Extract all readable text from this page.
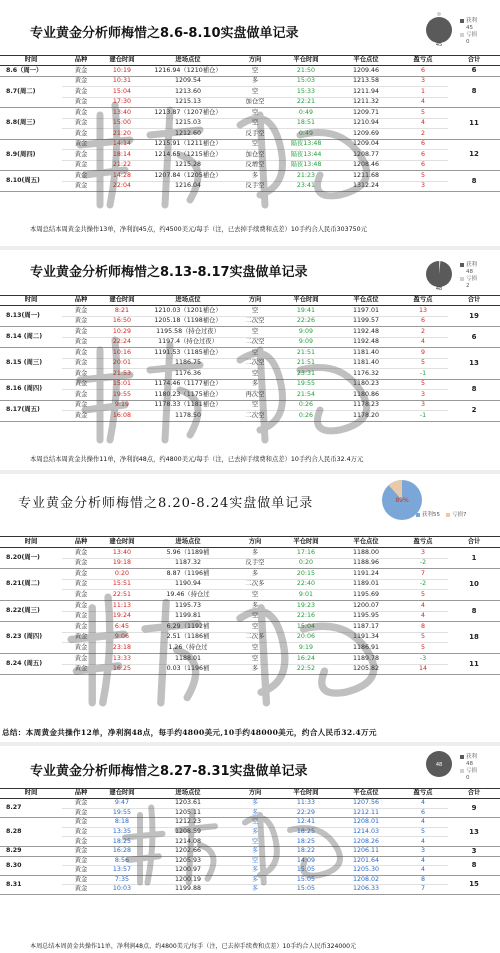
专业黄金分析师梅惜之8.6-8.10实盘做单记录
45
获利
45
亏损
0
时间	品种	建仓时间	进场点位	方向	平仓时间	平仓点位	盈亏点	合计
8.6（周一）	黄金	10:19	1216.94（1210補仓）	空	21:50	1209.46	6	6
8.7(周二)	黄金	10:31	1209.54	多	15:03	1213.58	3	8
	黄金	15:04	1213.60	空	15:33	1211.94	1	
	黄金	17:30	1215.13	加仓空	22:21	1211.32	4	
8.8(周三)	黄金	13:40	1213.87（1207補仓）	空	0:49	1209.71	5	11
	黄金	15:00	1215.03	空	18:51	1210.94	4	
	黄金	21:20	1212.60	反手空	0:49	1209.69	2	
8.9(周四)	黄金	14:14	1215.91（1211補仓）	空	隔夜13:48	1209.04	6	12
	黄金	18:14	1214.65（1215補仓）	加仓空	隔夜13:44	1208.77	6	
	黄金	21:22	1215.28	反增空	隔夜13:48	1208.46	6	
8.10(周五)	黄金	14:28	1207.84（1205補仓）	多	21:23	1211.68	5	8
	黄金	22:04	1216.04	反手空	23:41	1312.24	3	
本周总结本周黄金共操作13单，净利润45点，约4500美元/每手（注，已去掉手续费和点差）10手约合人民币303750元
专业黄金分析师梅惜之8.13-8.17实盘做单记录
48
获利
48
亏损
2
时间	品种	建仓时间	进场点位	方向	平仓时间	平仓点位	盈亏点	合计
8.13(周一)	黄金	8:21	1210.03（1201補仓）	空	19:41	1197.01	13	19
	黄金	16:50	1205.18（1198補仓）	二次空	22:26	1199.57	6	
8.14 (周二)	黄金	10:29	1195.58（持仓过夜）	空	9:09	1192.48	2	6
	黄金	22:24	1197.4（持仓过夜）	二次空	9:09	1192.48	4	
8.15 (周三)	黄金	10:16	1191.53（1185補仓）	空	21:51	1181.40	9	13
	黄金	20:01	1186.75	二次空	21:51	1181.40	5	
	黄金	21:53	1176.36	空	23:31	1176.32	-1	
8.16 (周四)	黄金	15:01	1174.46（1177補仓）	多	19:55	1180.23	5	8
	黄金	19:55	1180.23（1175補仓）	再次空	21:54	1180.86	3	
8.17(周五)	黄金	9:19	1178.33（1181補仓）	空	0:26	1178.23	3	2
	黄金	16:08	1178.50	二次空	0:26	1178.20	-1	
本周总结本周黄金共操作11单，净利润48点，约4800美元/每手（注，已去掉手续费和点差）10手约合人民币32.4万元
专业黄金分析师梅惜之8.20-8.24实盘做单记录	89%
获利55 亏损7
时间	品种	建仓时间	进场点位	方向	平仓时间	平仓点位	盈亏点	合计
8.20(周一)	黄金	13:40	5.96（1189補	多	17:16	1188.00	3	1
	黄金	19:18	1187.32	反手空	0:20	1188.96	-2	
8.21(周二)	黄金	0:20	8.87（1196補	多	20:15	1191.24	7	10
	黄金	15:51	1190.94	二次多	22:40	1189.01	-2	
	黄金	22:51	19.46（持仓过	空	9:01	1195.69	5	
8.22(周三)	黄金	11:13	1195.73	多	19:23	1200.07	4	8
	黄金	19:24	1199.81	空	22:16	1195.95	4	
8.23 (周四)	黄金	6:45	6.29（1192補	空	15:04	1187.17	8	18
	黄金	9:06	2.51（1186補	二次多	20:06	1191.34	5	
	黄金	23:18	1.26（持仓过	空	9:19	1186.91	5	
8.24 (周五)	黄金	13:33	1188.01	空	16:24	1189.78	-3	11
	黄金	16:25	0.03（1196補	多	22:52	1205.82	14	
总结：本周黄金共操作12单，净利润48点，每手约4800美元,10手约48000美元，约合人民币32.4万元
专业黄金分析师梅惜之8.27-8.31实盘做单记录	48
获利
48
亏损
0
时间	品种	建仓时间	进场点位	方向	平仓时间	平仓点位	盈亏点	合计
8.27	黄金	9:47	1203.61	多	11:33	1207.56	4	9
	黄金	19:55	1205.11	多	22:29	1212.11	6	
8.28	黄金	8:18	1212.23	空	12:41	1208.01	4	13
	黄金	13:35	1208.59	多	18:25	1214.03	5	
	黄金	18:25	1214.08	空	18:25	1208.26	4	
8.29	黄金	16:28	1202.66	多	18:22	1206.11	3	3
8.30	黄金	8:56	1205.93	空	14:09	1201.64	4	8
	黄金	13:57	1200.97	多	15:05	1205.30	4	
8.31	黄金	7:35	1200.19	多	15:05	1208.02	8	15
	黄金	10:03	1199.88	多	15:05	1206.33	7	
本周总结本周黄金共操作11单，净利润48点，约4800美元/每手（注，已去掉手续费和点差）10手约合人民币324000元
